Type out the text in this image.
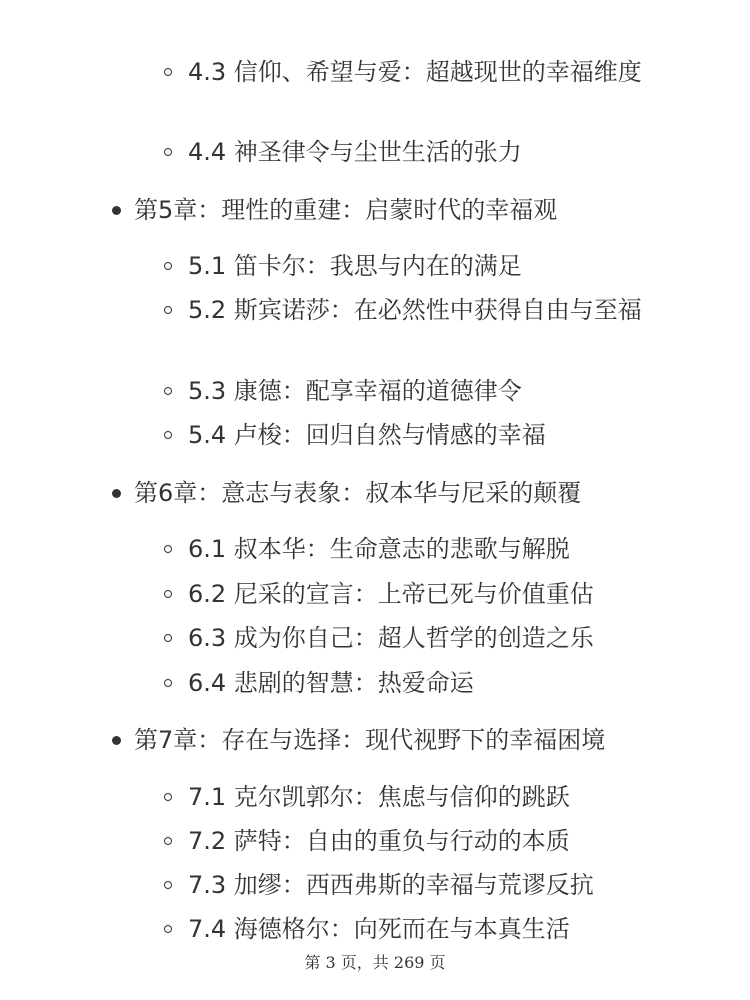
4.3 信仰、希望与爱：超越现世的幸福维度
4.4 神圣律令与尘世生活的张力
第5章：理性的重建：启蒙时代的幸福观
5.1 笛卡尔：我思与内在的满足
5.2 斯宾诺莎：在必然性中获得自由与至福
5.3 康德：配享幸福的道德律令
5.4 卢梭：回归自然与情感的幸福
第6章：意志与表象：叔本华与尼采的颠覆
6.1 叔本华：生命意志的悲歌与解脱
6.2 尼采的宣言：上帝已死与价值重估
6.3 成为你自己：超人哲学的创造之乐
6.4 悲剧的智慧：热爱命运
第7章：存在与选择：现代视野下的幸福困境
7.1 克尔凯郭尔：焦虑与信仰的跳跃
7.2 萨特：自由的重负与行动的本质
7.3 加缪：西西弗斯的幸福与荒谬反抗
7.4 海德格尔：向死而在与本真生活
第 3 页，共 269 页
